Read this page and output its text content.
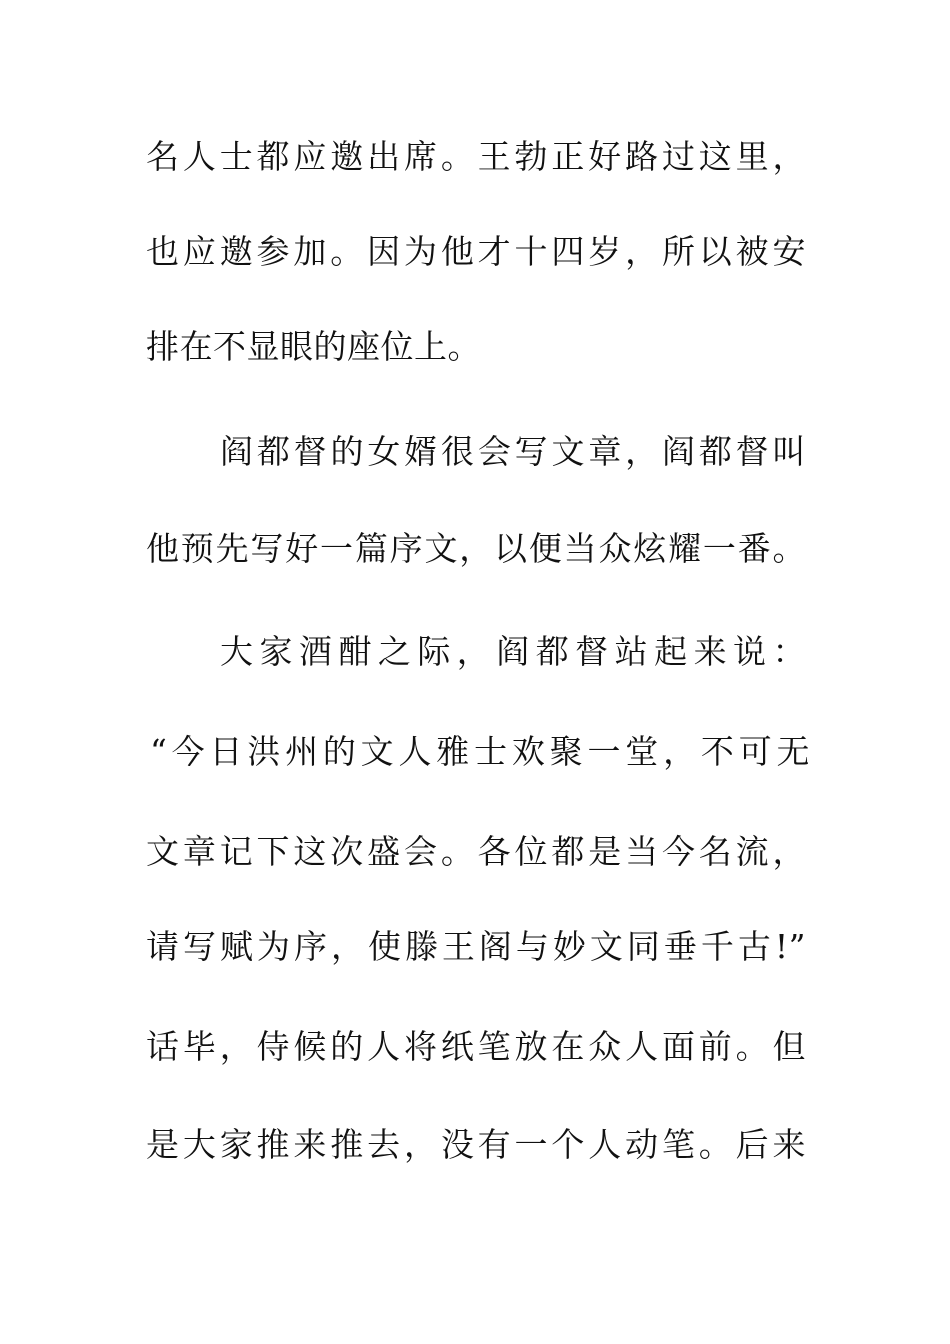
名人士都应邀出席。王勃正好路过这里，
也应邀参加。因为他才十四岁，所以被安
排在不显眼的座位上。
阎都督的女婿很会写文章，阎都督叫
他预先写好一篇序文，以便当众炫耀一番。
大家酒酣之际，阎都督站起来说：
“今日洪州的文人雅士欢聚一堂，不可无
文章记下这次盛会。各位都是当今名流，
请写赋为序，使滕王阁与妙文同垂千古!”
话毕，侍候的人将纸笔放在众人面前。但
是大家推来推去，没有一个人动笔。后来
